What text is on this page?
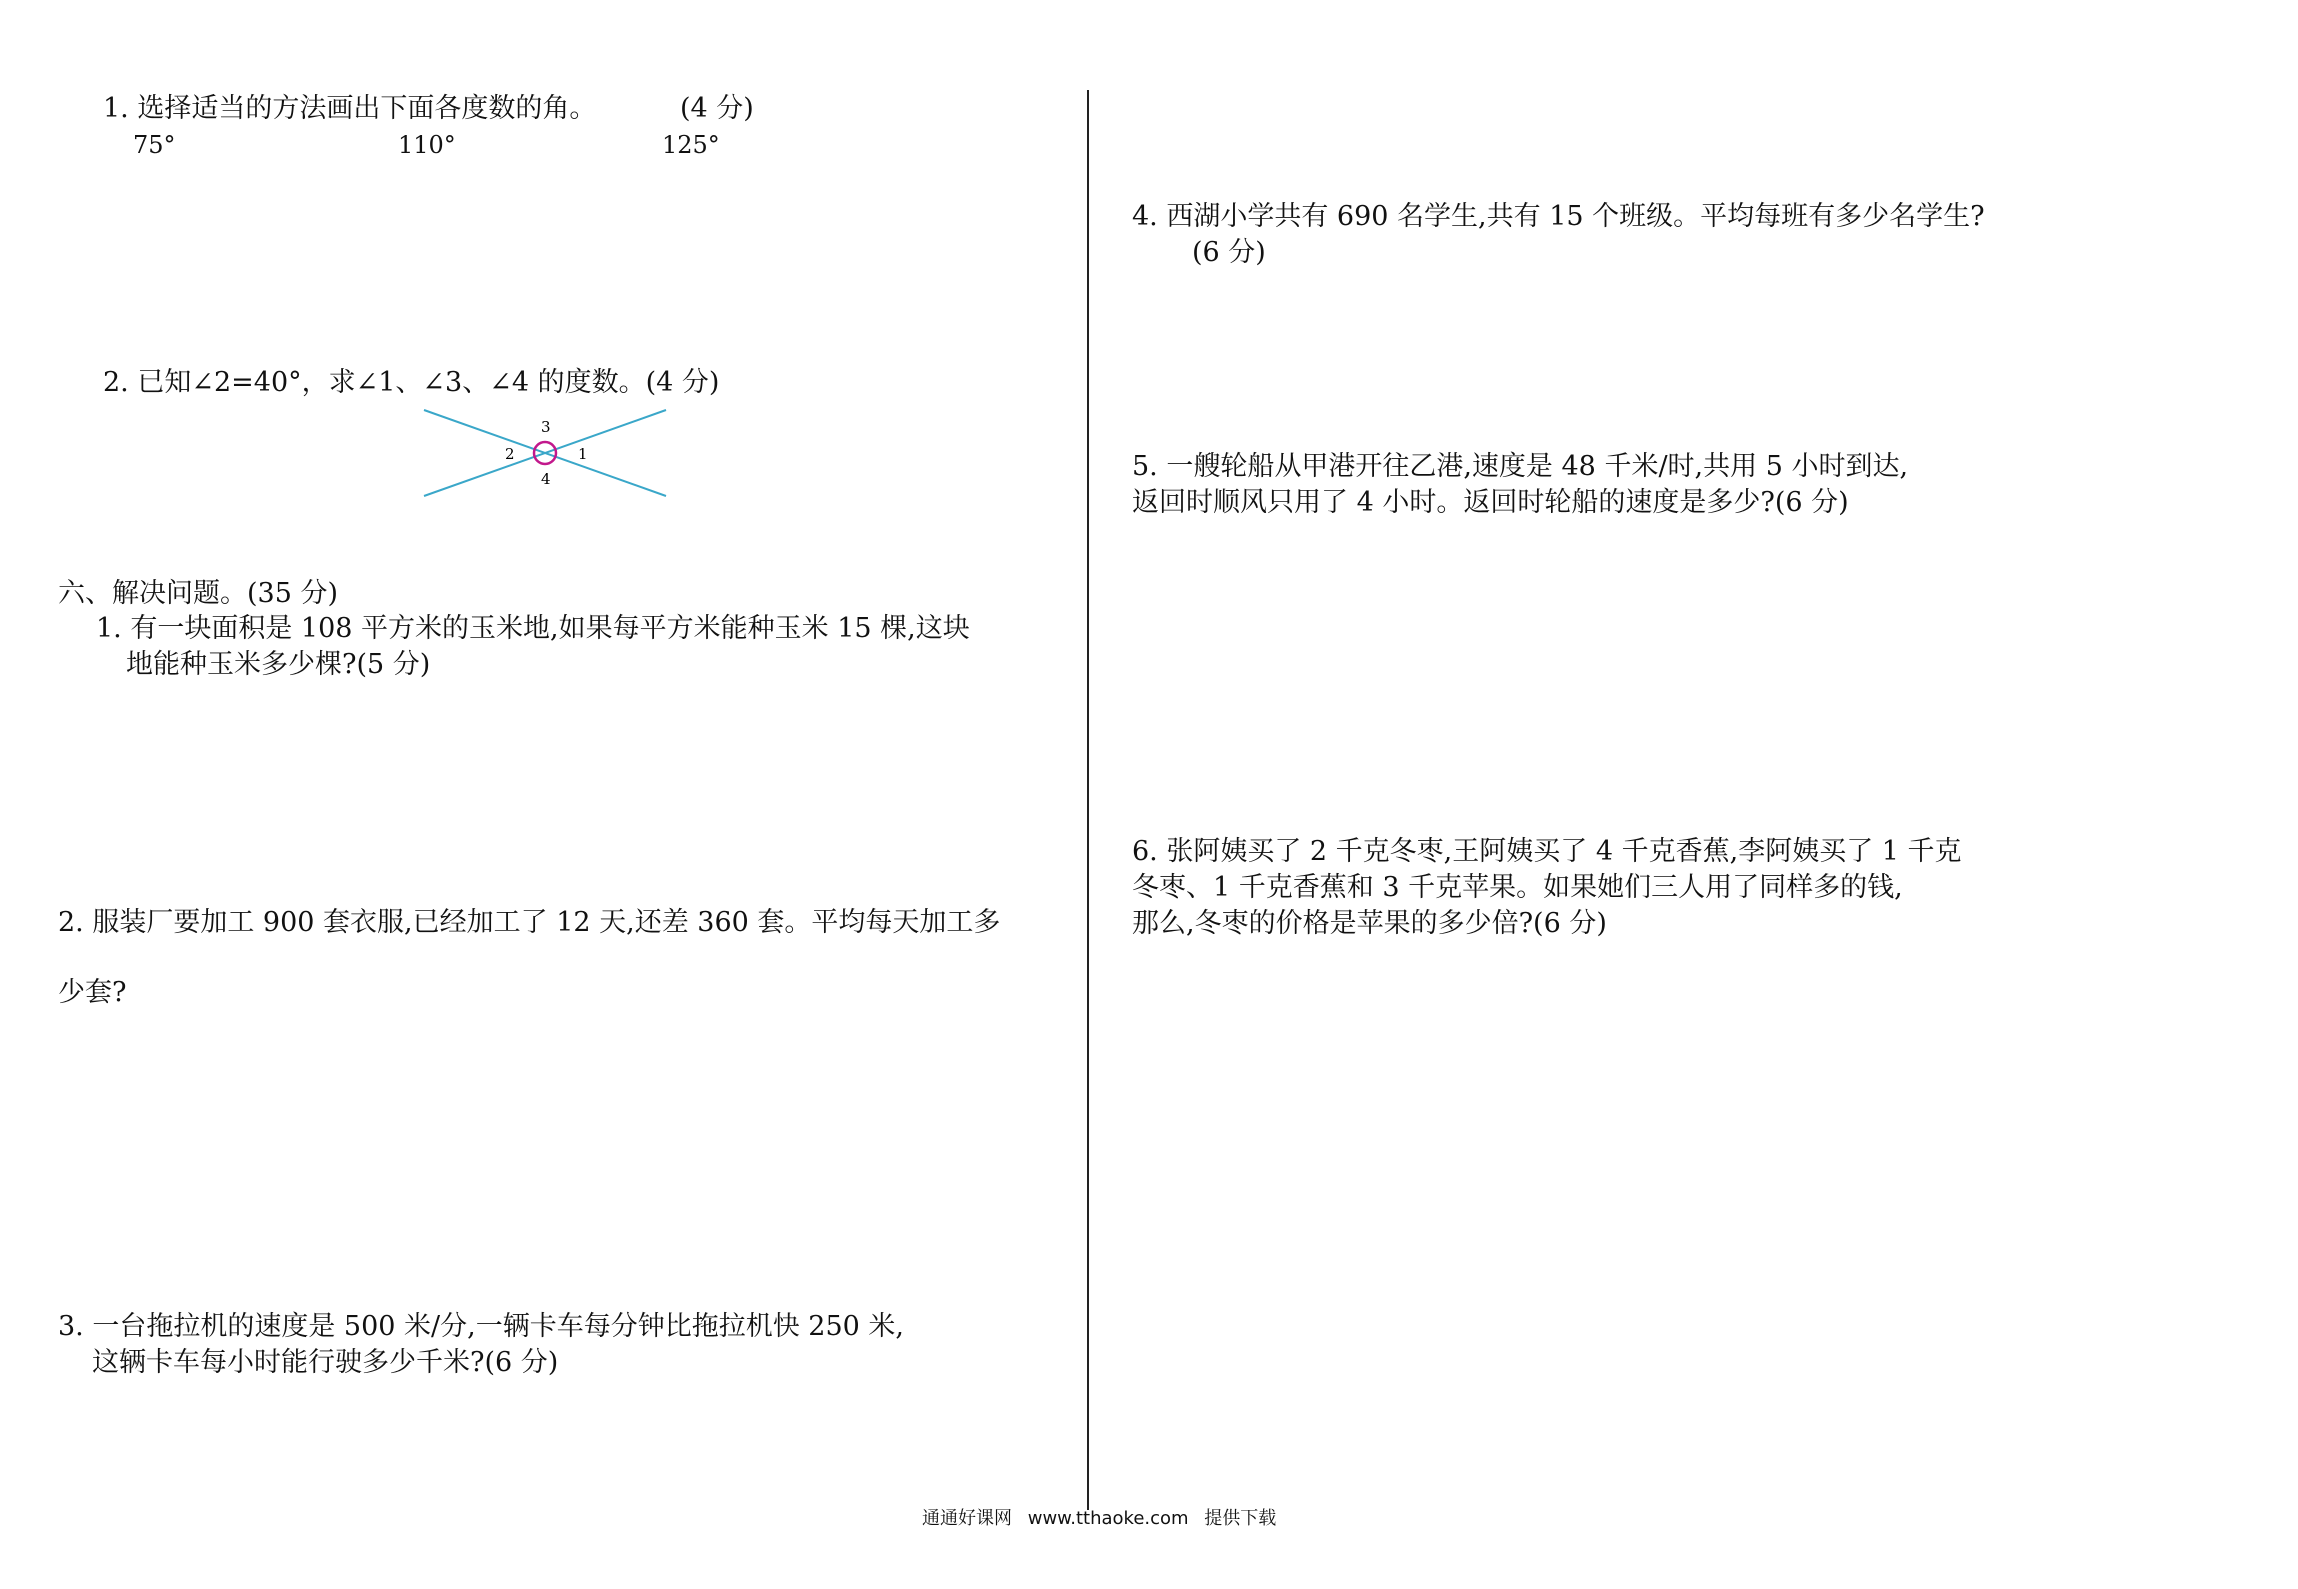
1. 选择适当的方法画出下面各度数的角。	(4 分)
75°	110°	125°
2. 已知∠2=40°，求∠1、∠3、∠4 的度数。(4 分)
3
2	1
4
六、解决问题。(35 分)
1. 有一块面积是 108 平方米的玉米地,如果每平方米能种玉米 15 棵,这块
地能种玉米多少棵?(5 分)
2. 服装厂要加工 900 套衣服,已经加工了 12 天,还差 360 套。平均每天加工多
少套?
3. 一台拖拉机的速度是 500 米/分,一辆卡车每分钟比拖拉机快 250 米,
这辆卡车每小时能行驶多少千米?(6 分)
4. 西湖小学共有 690 名学生,共有 15 个班级。平均每班有多少名学生?
(6 分)
5. 一艘轮船从甲港开往乙港,速度是 48 千米/时,共用 5 小时到达,
返回时顺风只用了 4 小时。返回时轮船的速度是多少?(6 分)
6. 张阿姨买了 2 千克冬枣,王阿姨买了 4 千克香蕉,李阿姨买了 1 千克
冬枣、1 千克香蕉和 3 千克苹果。如果她们三人用了同样多的钱,
那么,冬枣的价格是苹果的多少倍?(6 分)
通通好课网 www.tthaoke.com 提供下载
